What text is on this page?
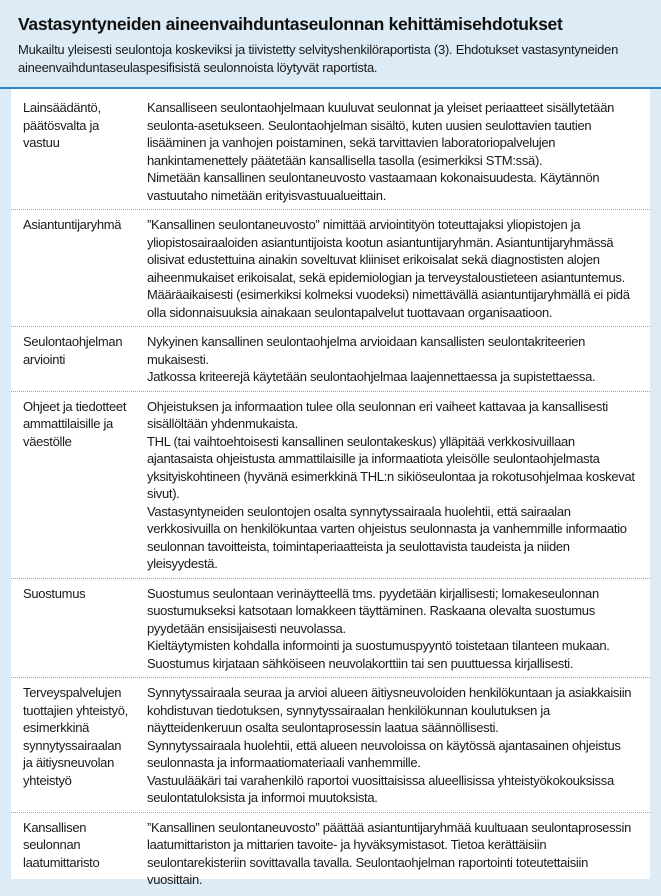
Vastasyntyneiden aineenvaihduntaseulonnan kehittämisehdotukset

Mukailtu yleisesti seulontoja koskeviksi ja tiivistetty selvityshenkilöraportista (3). Ehdotukset vastasyntyneiden aineenvaihduntaseulaspesifisistä seulonnoista löytyvät raportista.

Lainsäädäntö, päätösvalta ja vastuu

Kansalliseen seulontaohjelmaan kuuluvat seulonnat ja yleiset periaatteet sisällytetään seulonta-asetukseen. Seulontaohjelman sisältö, kuten uusien seulottavien tautien lisääminen ja vanhojen poistaminen, sekä tarvittavien laboratoriopalvelujen hankintamenettely päätetään kansallisella tasolla (esimerkiksi STM:ssä).

Nimetään kansallinen seulontaneuvosto vastaamaan kokonaisuudesta. Käytännön vastuutaho nimetään erityisvastuualueittain.

Asiantuntijaryhmä	”Kansallinen seulontaneuvosto” nimittää arviointityön toteuttajaksi yliopistojen ja yliopistosairaaloiden asiantuntijoista kootun asiantuntijaryhmän. Asiantuntijaryhmässä olisivat edustettuina ainakin soveltuvat kliiniset erikoisalat sekä diagnostisten alojen aiheenmukaiset erikoisalat, sekä epidemiologian ja terveystaloustieteen asiantuntemus. Määräaikaisesti (esimerkiksi kolmeksi vuodeksi) nimettävällä asiantuntijaryhmällä ei pidä olla sidonnaisuuksia ainakaan seulontapalvelut tuottavaan organisaatioon.

Seulontaohjelman arviointi

Nykyinen kansallinen seulontaohjelma arvioidaan kansallisten seulontakriteerien mukaisesti.

Jatkossa kriteerejä käytetään seulontaohjelmaa laajennettaessa ja supistettaessa.

Ohjeet ja tiedotteet ammattilaisille ja väestölle

Ohjeistuksen ja informaation tulee olla seulonnan eri vaiheet kattavaa ja kansallisesti sisällöltään yhdenmukaista.

THL (tai vaihtoehtoisesti kansallinen seulontakeskus) ylläpitää verkkosivuillaan ajantasaista ohjeistusta ammattilaisille ja informaatiota yleisölle seulontaohjelmasta yksityiskohtineen (hyvänä esimerkkinä THL:n sikiöseulontaa ja rokotusohjelmaa koskevat sivut).

Vastasyntyneiden seulontojen osalta synnytyssairaala huolehtii, että sairaalan verkkosivuilla on henkilökuntaa varten ohjeistus seulonnasta ja vanhemmille informaatio seulonnan tavoitteista, toimintaperiaatteista ja seulottavista taudeista ja niiden yleisyydestä.

Suostumus	Suostumus seulontaan verinäytteellä tms. pyydetään kirjallisesti; lomakeseulonnan suostumukseksi katsotaan lomakkeen täyttäminen. Raskaana olevalta suostumus pyydetään ensisijaisesti neuvolassa.

Kieltäytymisten kohdalla informointi ja suostumuspyyntö toistetaan tilanteen mukaan.

Suostumus kirjataan sähköiseen neuvolakorttiin tai sen puuttuessa kirjallisesti.

Terveyspalvelujen tuottajien yhteistyö, esimerkkinä synnytyssairaalan ja äitiysneuvolan yhteistyö

Synnytyssairaala seuraa ja arvioi alueen äitiysneuvoloiden henkilökuntaan ja asiakkaisiin kohdistuvan tiedotuksen, synnytyssairaalan henkilökunnan koulutuksen ja näytteidenkeruun osalta seulontaprosessin laatua säännöllisesti.

Synnytyssairaala huolehtii, että alueen neuvoloissa on käytössä ajantasainen ohjeistus seulonnasta ja informaatiomateriaali vanhemmille.

Vastuulääkäri tai varahenkilö raportoi vuosittaisissa alueellisissa yhteistyökokouksissa seulontatuloksista ja informoi muutoksista.

Kansallisen seulonnan laatumittaristo

”Kansallinen seulontaneuvosto” päättää asiantuntijaryhmää kuultuaan seulontaprosessin laatumittariston ja mittarien tavoite- ja hyväksymistasot. Tietoa kerättäisiin seulontarekisteriin sovittavalla tavalla. Seulontaohjelman raportointi toteutettaisiin vuosittain.
